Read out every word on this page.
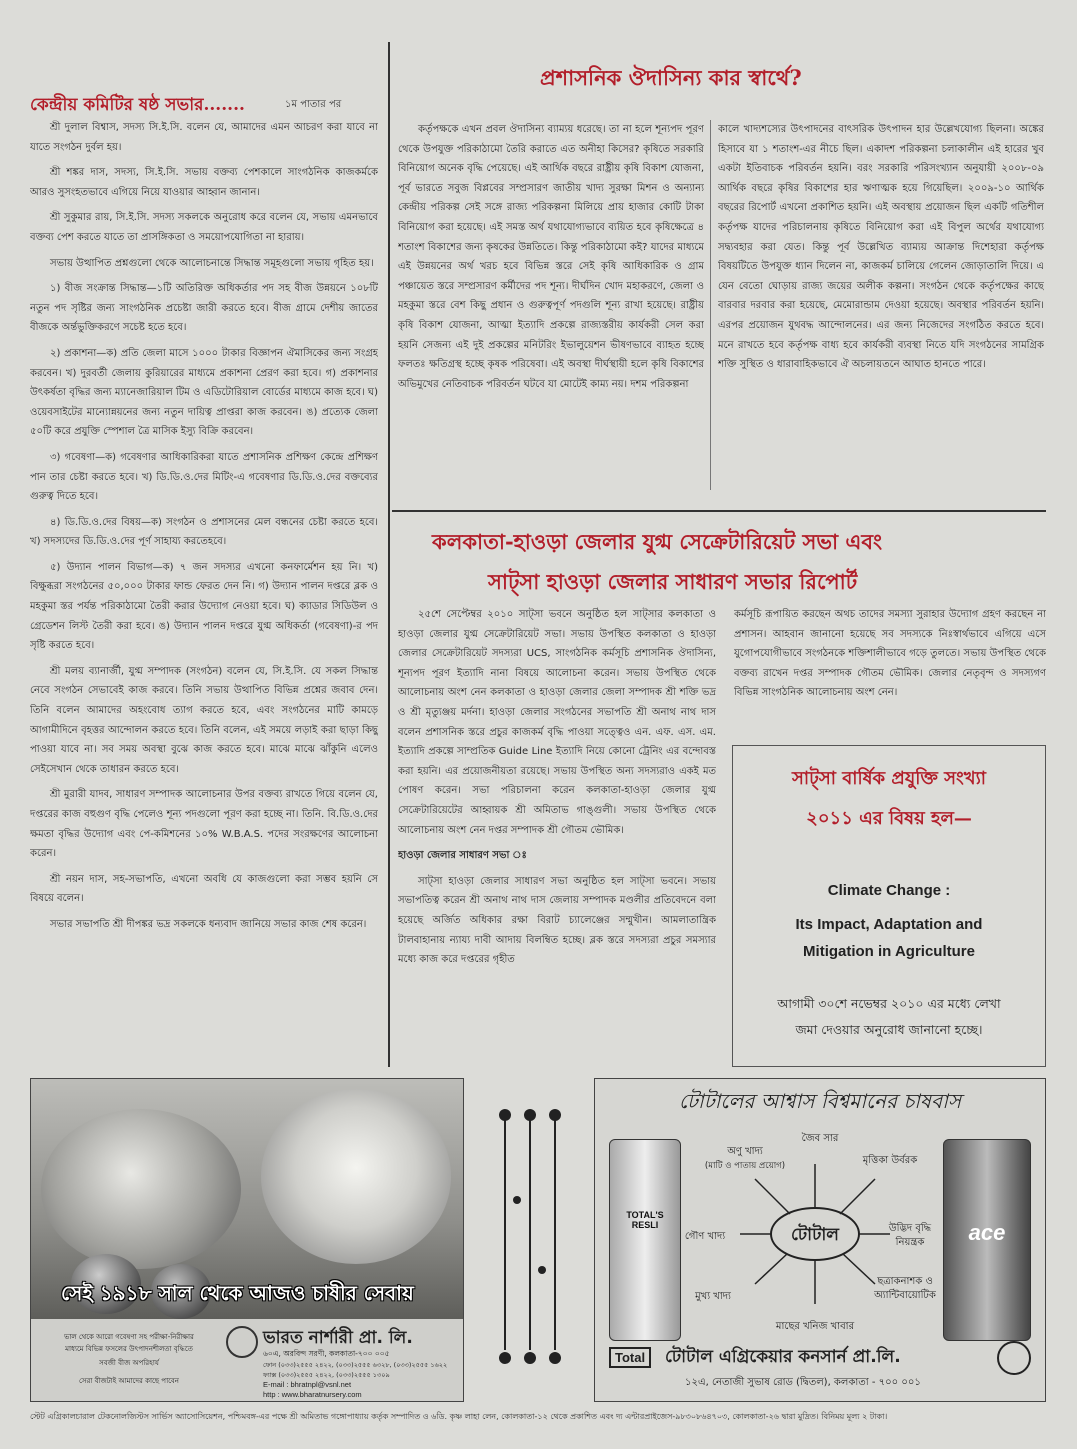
কেন্দ্রীয় কমিটির ষষ্ঠ সভার.......	১ম পাতার পর

শ্রী দুলাল বিশ্বাস, সদস্য সি.ই.সি. বলেন যে, আমাদের এমন আচরণ করা যাবে না যাতে সংগঠন দুর্বল হয়।

শ্রী শঙ্কর দাস, সদস্য, সি.ই.সি. সভায় বক্তব্য পেশকালে সাংগঠনিক কাজকর্মকে আরও সুসংহতভাবে এগিয়ে নিয়ে যাওয়ার আহ্বান জানান।

শ্রী সুকুমার রায়, সি.ই.সি. সদস্য সকলকে অনুরোধ করে বলেন যে, সভায় এমনভাবে বক্তব্য পেশ করতে যাতে তা প্রাসঙ্গিকতা ও সময়োপযোগিতা না হারায়।

সভায় উত্থাপিত প্রশ্নগুলো থেকে আলোচনান্তে সিদ্ধান্ত সমূহগুলো সভায় গৃহিত হয়।

১) বীজ সংক্রান্ত সিদ্ধান্ত—১টি অতিরিক্ত অধিকর্তার পদ সহ বীজ উন্নয়নে ১০৮টি নতুন পদ সৃষ্টির জন্য সাংগঠনিক প্রচেষ্টা জারী করতে হবে। বীজ গ্রামে দেশীয় জাতের বীজকে অর্ন্তভুক্তিকরণে সচেষ্ট হতে হবে।

২) প্রকাশনা—ক) প্রতি জেলা মাসে ১০০০ টাকার বিজ্ঞাপন ঐমাসিকের জন্য সংগ্রহ করবেন। খ) দুরবর্তী জেলায় কুরিয়ারের মাধ্যমে প্রকাশনা প্রেরণ করা হবে। গ) প্রকাশনার উৎকর্ষতা বৃদ্ধির জন্য ম্যানেজারিয়াল টিম ও এডিটোরিয়াল বোর্ডের মাধ্যমে কাজ হবে। ঘ) ওয়েবসাইটের মান্যোন্নয়নের জন্য নতুন দায়িত্ব প্রাপ্তরা কাজ করবেন। ঙ) প্রত্যেক জেলা ৫০টি করে প্রযুক্তি স্পেশাল ত্রৈ মাসিক ইস্যু বিক্রি করবেন।

৩) গবেষণা—ক) গবেষণার আধিকারিকরা যাতে প্রশাসনিক প্রশিক্ষণ কেন্দ্রে প্রশিক্ষণ পান তার চেষ্টা করতে হবে। খ) ডি.ডি.ও.দের মিটিং-এ গবেষণার ডি.ডি.ও.দের বক্তব্যের গুরুত্ব দিতে হবে।

৪) ডি.ডি.ও.দের বিষয়—ক) সংগঠন ও প্রশাসনের মেল বন্ধনের চেষ্টা করতে হবে। খ) সদস্যদের ডি.ডি.ও.দের পূর্ণ সাহায্য করতেহবে।

৫) উদ্যান পালন বিভাগ—ক) ৭ জন সদস্যর এখনো কনফার্মেশন হয় নি। খ) বিক্ষুব্ধরা সংগঠনের ৫০,০০০ টাকার ফান্ড ফেরত দেন নি। গ) উদ্যান পালন দপ্তরে ব্লক ও মহকুমা স্তর পর্যন্ত পরিকাঠামো তৈরী করার উদ্যোগ নেওয়া হবে। ঘ) ক্যাডার সিডিউল ও গ্রেডেশন লিস্ট তৈরী করা হবে। ঙ) উদ্যান পালন দপ্তরে যুগ্ম অধিকর্তা (গবেষণা)-র পদ সৃষ্টি করতে হবে।

শ্রী মলয় ব্যানার্জী, যুগ্ম সম্পাদক (সংগঠন) বলেন যে, সি.ই.সি. যে সকল সিদ্ধান্ত নেবে সংগঠন সেভাবেই কাজ করবে। তিনি সভায় উত্থাপিত বিভিন্ন প্রশ্নের জবাব দেন। তিনি বলেন আমাদের অহংবোধ ত্যাগ করতে হবে, এবং সংগঠনের মাটি কামড়ে আগামীদিনে বৃহত্তর আন্দোলন করতে হবে। তিনি বলেন, এই সময়ে লড়াই করা ছাড়া কিছু পাওয়া যাবে না। সব সময় অবস্থা বুঝে কাজ করতে হবে। মাঝে মাঝে ঝাঁকুনি এলেও সেইসেখান থেকে তাধারন করতে হবে।

শ্রী মুরারী যাদব, সাধারণ সম্পাদক আলোচনার উপর বক্তব্য রাখতে গিয়ে বলেন যে, দপ্তরের কাজ বহুগুণ বৃদ্ধি পেলেও শূন্য পদগুলো পূরণ করা হচ্ছে না। তিনি. বি.ডি.ও.দের ক্ষমতা বৃদ্ধির উদ্যোগ এবং পে-কমিশনের ১০% W.B.A.S. পদের সংরক্ষণের আলোচনা করেন।

শ্রী নয়ন দাস, সহ-সভাপতি, এখনো অবধি যে কাজগুলো করা সম্ভব হয়নি সে বিষয়ে বলেন।

সভার সভাপতি শ্রী দীপঙ্কর ভদ্র সকলকে ধন্যবাদ জানিয়ে সভার কাজ শেষ করেন।

প্রশাসনিক ঔদাসিন্য কার স্বার্থে?
কর্তৃপক্ষকে এখন প্রবল ঔদাসিন্য ব্যাম্যয় ধরেছে। তা না হলে শূন্যপদ পূরণ থেকে উপযুক্ত পরিকাঠামো তৈরি করাতে এত অনীহা কিসের? কৃষিতে সরকারি বিনিয়োগ অনেক বৃদ্ধি পেয়েছে। এই আর্থিক বছরে রাষ্ট্রীয় কৃষি বিকাশ যোজনা, পূর্ব ভারতে সবুজ বিপ্লবের সম্প্রসারণ জাতীয় খাদ্য সুরক্ষা মিশন ও অন্যান্য কেন্দ্রীয় পরিকল্প সেই সঙ্গে রাজ্য পরিকল্পনা মিলিয়ে প্রায় হাজার কোটি টাকা বিনিয়োগ করা হয়েছে। এই সমস্ত অর্থ যথাযোগ্যভাবে ব্যয়িত হবে কৃষিক্ষেত্রে ৪ শতাংশ বিকাশের জন্য কৃষকের উন্নতিতে। কিন্তু পরিকাঠামো কই? যাদের মাধ্যমে এই উন্নয়নের অর্থ খরচ হবে বিভিন্ন স্তরে সেই কৃষি আধিকারিক ও গ্রাম পঞ্চায়েত স্তরে সম্প্রসারণ কর্মীদের পদ শূন্য। দীর্ঘদিন খোদ মহাকরণে, জেলা ও মহকুমা স্তরে বেশ কিছু প্রধান ও গুরুত্বপূর্ণ পদগুলি শূন্য রাখা হয়েছে। রাষ্ট্রীয় কৃষি বিকাশ যোজনা, আত্মা ইত্যাদি প্রকল্পে রাজ্যস্তরীয় কার্যকরী সেল করা হয়নি সেজন্য এই দুই প্রকল্পের মনিটরিং ইভালুয়েশন ভীষণভাবে ব্যাহত হচ্ছে ফলতঃ ক্ষতিগ্রস্থ হচ্ছে কৃষক পরিষেবা। এই অবস্থা দীর্ঘস্থায়ী হলে কৃষি বিকাশের অভিমুখের নেতিবাচক পরিবর্তন ঘটবে যা মোটেই কাম্য নয়। দশম পরিকল্পনা
কালে খাদ্যশস্যের উৎপাদনের বাৎসরিক উৎপাদন হার উল্লেখযোগ্য ছিলনা। অঙ্কের হিসাবে যা ১ শতাংশ-এর নীচে ছিল। একাদশ পরিকল্পনা চলাকালীন এই হারের খুব একটা ইতিবাচক পরিবর্তন হয়নি। বরং সরকারি পরিসংখ্যান অনুযায়ী ২০০৮-০৯ আর্থিক বছরে কৃষির বিকাশের হার ঋণাত্মক হয়ে গিয়েছিল। ২০০৯-১০ আর্থিক বছরের রিপোর্ট এখনো প্রকাশিত হয়নি। এই অবস্থায় প্রয়োজন ছিল একটি গতিশীল কর্তৃপক্ষ যাদের পরিচালনায় কৃষিতে বিনিয়োগ করা এই বিপুল অর্থের যথাযোগ্য সদ্ব্যবহার করা যেত। কিন্তু পূর্ব উল্লেখিত ব্যাম্যয় আক্রান্ত দিশেহারা কর্তৃপক্ষ বিষয়টিতে উপযুক্ত ধ্যান দিলেন না, কাজকর্ম চালিয়ে গেলেন জোড়াতালি দিয়ে। এ যেন বেতো ঘোড়ায় রাজ্য জয়ের অলীক কল্পনা। সংগঠন থেকে কর্তৃপক্ষের কাছে বারবার দরবার করা হয়েছে, মেমোরান্ডাম দেওয়া হয়েছে। অবস্থার পরিবর্তন হয়নি। এরপর প্রয়োজন যুথবদ্ধ আন্দোলনের। এর জন্য নিজেদের সংগঠিত করতে হবে। মনে রাখতে হবে কর্তৃপক্ষ বাধ্য হবে কার্যকরী ব্যবস্থা নিতে যদি সংগঠনের সামগ্রিক শক্তি সুস্থিত ও ধারাবাহিকভাবে ঐ অচলায়তনে আঘাত হানতে পারে।
কলকাতা-হাওড়া জেলার যুগ্ম সেক্রেটারিয়েট সভা এবং
সাট্সা হাওড়া জেলার সাধারণ সভার রিপোর্ট

২৫শে সেপ্টেম্বর ২০১০ সাট্সা ভবনে অনুষ্ঠিত হল সাট্সার কলকাতা ও হাওড়া জেলার যুগ্ম সেক্রেটারিয়েট সভা। সভায় উপস্থিত কলকাতা ও হাওড়া জেলার সেক্রেটারিয়েট সদস্যরা UCS, সাংগঠনিক কর্মসূচি প্রশাসনিক ঔদাসিন্য, শূন্যপদ পূরণ ইত্যাদি নানা বিষয়ে আলোচনা করেন। সভায় উপস্থিত থেকে আলোচনায় অংশ নেন কলকাতা ও হাওড়া জেলার জেলা সম্পাদক শ্রী শক্তি ভদ্র ও শ্রী মৃত্যুঞ্জয় মর্দনা। হাওড়া জেলার সংগঠনের সভাপতি শ্রী অনাথ নাথ দাস বলেন প্রশাসনিক স্তরে প্রচুর কাজকর্ম বৃদ্ধি পাওয়া সত্ত্বেও এন. এফ. এস. এম. ইত্যাদি প্রকল্পে সাম্প্রতিক Guide Line ইত্যাদি নিয়ে কোনো ট্রেনিং এর বন্দোবস্ত করা হয়নি। এর প্রয়োজনীয়তা রয়েছে। সভায় উপস্থিত অন্য সদস্যরাও একই মত পোষণ করেন। সভা পরিচালনা করেন কলকাতা-হাওড়া জেলার যুগ্ম সেক্রেটারিয়েটের আহ্বায়ক শ্রী অমিতাভ গাঙ্গুলী। সভায় উপস্থিত থেকে আলোচনায় অংশ নেন দপ্তর সম্পাদক শ্রী গৌতম ভৌমিক।

হাওড়া জেলার সাধারণ সভা ঃ

সাট্সা হাওড়া জেলার সাধারণ সভা অনুষ্ঠিত হল সাট্সা ভবনে। সভায় সভাপতিত্ব করেন শ্রী অনাথ নাথ দাস জেলায় সম্পাদক মণ্ডলীর প্রতিবেদনে বলা হয়েছে অর্জিত অধিকার রক্ষা বিরাট চ্যালেঞ্জের সম্মুখীন। আমলাতান্ত্রিক টালবাহানায় ন্যায্য দাবী আদায় বিলম্বিত হচ্ছে। ব্লক স্তরে সদস্যরা প্রচুর সমস্যার মধ্যে কাজ করে দপ্তরের গৃহীত

কর্মসূচি রূপায়িত করছেন অথচ তাদের সমস্যা সুরাহার উদ্যোগ গ্রহণ করছেন না প্রশাসন। আহবান জানানো হয়েছে সব সদস্যকে নিঃস্বার্থভাবে এগিয়ে এসে যুগোপযোগীভাবে সংগঠনকে শক্তিশালীভাবে গড়ে তুলতে। সভায় উপস্থিত থেকে বক্তব্য রাখেন দপ্তর সম্পাদক গৌতম ভৌমিক। জেলার নেতৃবৃন্দ ও সদস্যগণ বিভিন্ন সাংগঠনিক আলোচনায় অংশ নেন।
সাট্সা বার্ষিক প্রযুক্তি সংখ্যা
২০১১ এর বিষয় হল—
Climate Change :
Its Impact, Adaptation and
Mitigation in Agriculture
আগামী ৩০শে নভেম্বর ২০১০ এর মধ্যে লেখা
জমা দেওয়ার অনুরোধ জানানো হচ্ছে।
সেই ১৯১৮ সাল থেকে আজও চাষীর সেবায়
ভারত নার্শারী প্রা. লি.
৬০এ, অরবিন্দ সরণী, কলকাতা-৭০০ ০০৫
ফোন (০৩৩)২৫৫৫ ২৪২২, (০৩৩)২৫৫৫ ৬৩২৮, (০৩৩)২৫৫৫ ১৬২২
ফ্যাক্স (০৩৩)২৫৫৫ ২৪২২, (০৩৩)২৫৫৫ ১৩০৯
E-mail : bhratnpl@vsnl.net
http : www.bharatnursery.com
ভাল থেকে আরো গবেষণা সহ পরীক্ষা-নিরীক্ষার
মাধ্যমে বিভিন্ন ফসলের উৎপাদনশীলতা বৃদ্ধিতে
সবজী বীজ অপরিহার্য
সেরা বীজটাই আমাদের কাছে পাবেন
টোটালের আশ্বাস বিশ্বমানের চাষবাস
TOTAL'S RESLI	ace
টোটাল
অণু খাদ্য
(মাটি ও পাতায় প্রয়োগ)
জৈব সার
মৃত্তিকা উর্বরক
গৌণ খাদ্য
উদ্ভিদ বৃদ্ধি
নিয়ন্ত্রক
মুখ্য খাদ্য
ছত্রাকনাশক ও
অ্যান্টিবায়োটিক
মাছের খনিজ খাবার
Total	টোটাল এগ্রিকেয়ার কনসার্ন প্রা.লি.
১২এ, নেতাজী সুভাষ রোড (দ্বিতল), কলকাতা - ৭০০ ০০১
স্টেট এগ্রিকালচারাল টেকনোলজিস্টস সার্ভিস অ্যাসোসিয়েশন, পশ্চিমবঙ্গ-এর পক্ষে শ্রী অমিতাভ গঙ্গোপাধ্যায় কর্তৃক সম্পাদিত ও ৬ডি. কৃষ্ণ লাহা লেন, কোলকাতা-১২ থেকে প্রকাশিত এবং দ্য এন্টারপ্রাইজেস-৯৮৩০৮৬৪৭০৩, কোলকাতা-২৬ দ্বারা মুদ্রিত। বিনিময় মূল্য ২ টাকা।
